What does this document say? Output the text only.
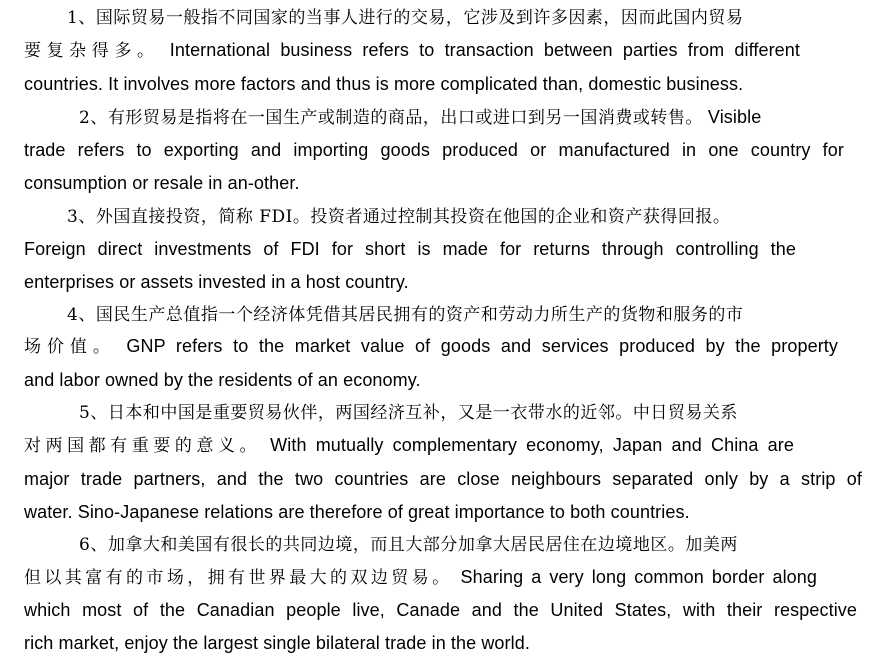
1、国际贸易一般指不同国家的当事人进行的交易，它涉及到许多因素，因而此国内贸易
要复杂得多。 International business refers to transaction between parties from different
countries. It involves more factors and thus is more complicated than, domestic business.
2、有形贸易是指将在一国生产或制造的商品，出口或进口到另一国消费或转售。 Visible
trade refers to exporting and importing goods produced or manufactured in one country for
consumption or resale in an-other.
3、外国直接投资，简称 FDI。投资者通过控制其投资在他国的企业和资产获得回报。
Foreign direct investments of FDI for short is made for returns through controlling the
enterprises or assets invested in a host country.
4、国民生产总值指一个经济体凭借其居民拥有的资产和劳动力所生产的货物和服务的市
场价值。 GNP refers to the market value of goods and services produced by the property
and labor owned by the residents of an economy.
5、日本和中国是重要贸易伙伴，两国经济互补，又是一衣带水的近邻。中日贸易关系
对两国都有重要的意义。 With mutually complementary economy, Japan and China are
major trade partners, and the two countries are close neighbours separated only by a strip of
water. Sino-Japanese relations are therefore of great importance to both countries.
6、加拿大和美国有很长的共同边境，而且大部分加拿大居民居住在边境地区。加美两
但以其富有的市场，拥有世界最大的双边贸易。 Sharing a very long common border along
which most of the Canadian people live, Canade and the United States, with their respective
rich market, enjoy the largest single bilateral trade in the world.
